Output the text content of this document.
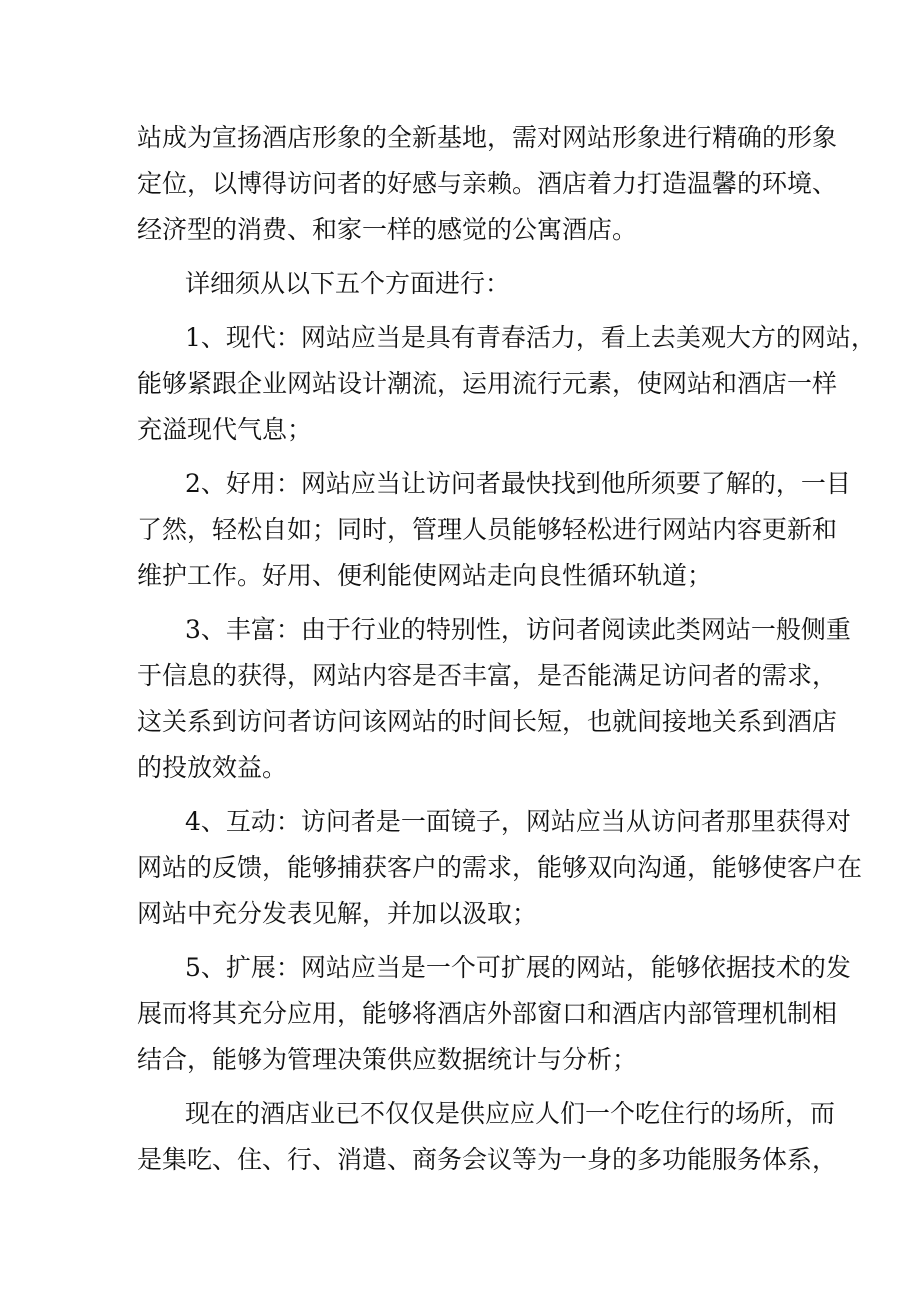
站成为宣扬酒店形象的全新基地，需对网站形象进行精确的形象
定位，以博得访问者的好感与亲赖。酒店着力打造温馨的环境、
经济型的消费、和家一样的感觉的公寓酒店。
详细须从以下五个方面进行：
1、现代：网站应当是具有青春活力，看上去美观大方的网站，
能够紧跟企业网站设计潮流，运用流行元素，使网站和酒店一样
充溢现代气息；
2、好用：网站应当让访问者最快找到他所须要了解的，一目
了然，轻松自如；同时，管理人员能够轻松进行网站内容更新和
维护工作。好用、便利能使网站走向良性循环轨道；
3、丰富：由于行业的特别性，访问者阅读此类网站一般侧重
于信息的获得，网站内容是否丰富，是否能满足访问者的需求，
这关系到访问者访问该网站的时间长短，也就间接地关系到酒店
的投放效益。
4、互动：访问者是一面镜子，网站应当从访问者那里获得对
网站的反馈，能够捕获客户的需求，能够双向沟通，能够使客户在
网站中充分发表见解，并加以汲取；
5、扩展：网站应当是一个可扩展的网站，能够依据技术的发
展而将其充分应用，能够将酒店外部窗口和酒店内部管理机制相
结合，能够为管理决策供应数据统计与分析；
现在的酒店业已不仅仅是供应应人们一个吃住行的场所，而
是集吃、住、行、消遣、商务会议等为一身的多功能服务体系，
